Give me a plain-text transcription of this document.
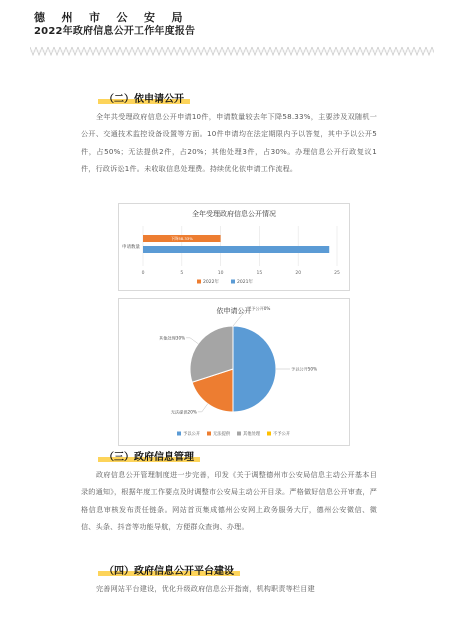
德州市公安局
2022年政府信息公开工作年度报告
（二）依申请公开

全年共受理政府信息公开申请10件，申请数量较去年下降58.33%，主要涉及双随机一公开、交通技术监控设备设置等方面。10件申请均在法定期限内予以答复，其中予以公开5件，占50%；无法提供2件，占20%；其他处理3件，占30%。办理信息公开行政复议1件，行政诉讼1件。未收取信息处理费。持续优化依申请工作流程。

全年受理政府信息公开情况
0	5	10	15	20	25
申请数量
下降58.33%
2022年	2021年
依申请公开
予以公开50%
无法提供20%
其他处理30%
不予公开0%
予以公开	无法提供	其他处理	不予公开
（三）政府信息管理

政府信息公开管理制度进一步完善，印发《关于调整德州市公安局信息主动公开基本目录的通知》，根据年度工作要点及时调整市公安局主动公开目录。严格做好信息公开审查，严格信息审核发布责任链条。网站首页集成德州公安网上政务服务大厅，德州公安微信、微信、头条、抖音等功能导航，方便群众查询、办理。

（四）政府信息公开平台建设

完善网站平台建设，优化升级政府信息公开指南，机构职责等栏目建
